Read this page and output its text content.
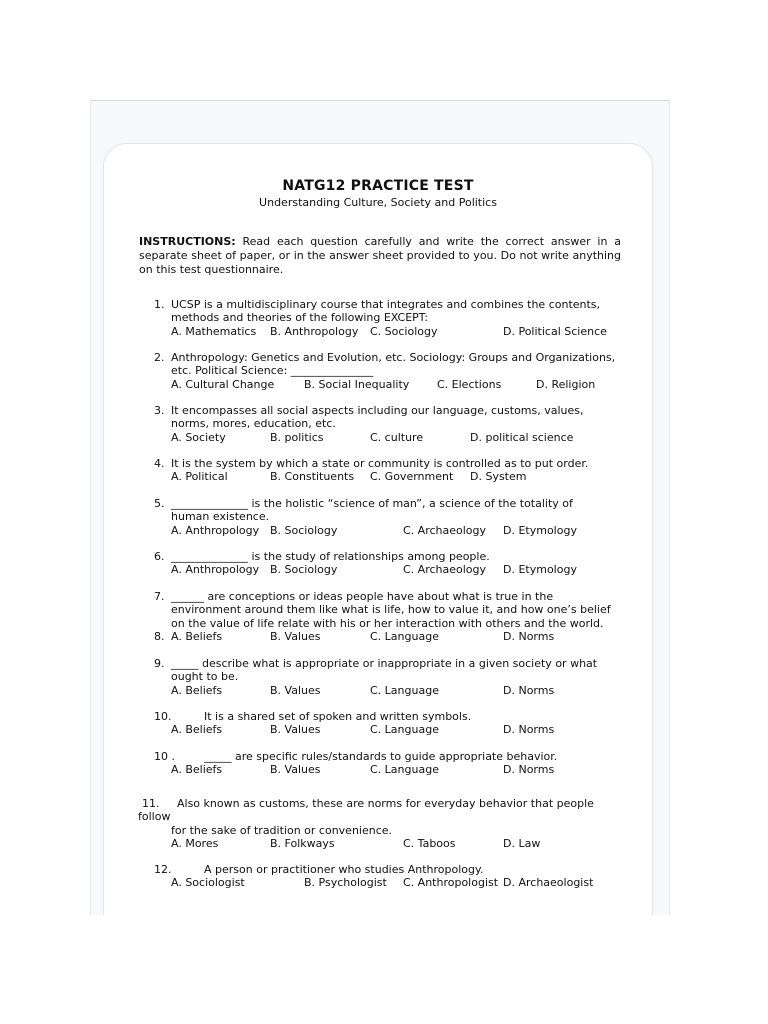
NATG12 PRACTICE TEST
Understanding Culture, Society and Politics
INSTRUCTIONS: Read each question carefully and write the correct answer in a separate sheet of paper, or in the answer sheet provided to you. Do not write anything on this test questionnaire.
1. UCSP is a multidisciplinary course that integrates and combines the contents,
methods and theories of the following EXCEPT:
A. Mathematics B. Anthropology C. Sociology	D. Political Science
2. Anthropology: Genetics and Evolution, etc. Sociology: Groups and Organizations,
etc. Political Science: _______________
A. Cultural Change	B. Social Inequality	C. Elections	D. Religion
3. It encompasses all social aspects including our language, customs, values,
norms, mores, education, etc.
A. Society	B. politics	C. culture	D. political science
4. It is the system by which a state or community is controlled as to put order.
A. Political	B. Constituents C. Government D. System
5. ______________ is the holistic “science of man”, a science of the totality of
human existence.
A. Anthropology B. Sociology	C. Archaeology D. Etymology
6. ______________ is the study of relationships among people.
A. Anthropology B. Sociology	C. Archaeology D. Etymology
7. ______ are conceptions or ideas people have about what is true in the
environment around them like what is life, how to value it, and how one’s belief
on the value of life relate with his or her interaction with others and the world.
8. A. Beliefs	B. Values	C. Language	D. Norms
9. _____ describe what is appropriate or inappropriate in a given society or what
ought to be.
A. Beliefs	B. Values	C. Language	D. Norms
10.	It is a shared set of spoken and written symbols.
A. Beliefs	B. Values	C. Language	D. Norms
10 .	_____ are specific rules/standards to guide appropriate behavior.
A. Beliefs	B. Values	C. Language	D. Norms
11. Also known as customs, these are norms for everyday behavior that people
follow
for the sake of tradition or convenience.
A. Mores	B. Folkways	C. Taboos	D. Law
12.	A person or practitioner who studies Anthropology.
A. Sociologist	B. Psychologist C. Anthropologist D. Archaeologist
